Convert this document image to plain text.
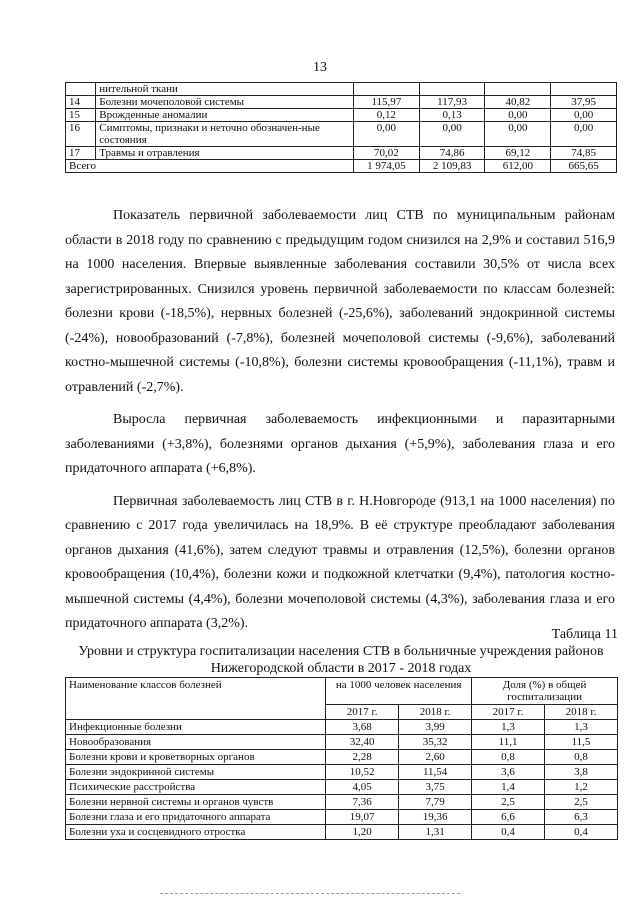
13
	нительной ткани				
14	Болезни мочеполовой системы	115,97	117,93	40,82	37,95
15	Врожденные аномалии	0,12	0,13	0,00	0,00
16	Симптомы, признаки и неточно обозначен-ные состояния	0,00	0,00	0,00	0,00
17	Травмы и отравления	70,02	74,86	69,12	74,85
Всего		1 974,05	2 109,83	612,00	665,65

Показатель первичной заболеваемости лиц СТВ по муниципальным районам области в 2018 году по сравнению с предыдущим годом снизился на 2,9% и составил 516,9 на 1000 населения. Впервые выявленные заболевания составили 30,5% от числа всех зарегистрированных. Снизился уровень первичной заболеваемости по классам болезней: болезни крови (-18,5%), нервных болезней (-25,6%), заболеваний эндокринной системы (-24%), новообразований (-7,8%), болезней мочеполовой системы (-9,6%), заболеваний костно-мышечной системы (-10,8%), болезни системы кровообращения (-11,1%), травм и отравлений (-2,7%).

Выросла первичная заболеваемость инфекционными и паразитарными заболеваниями (+3,8%), болезнями органов дыхания (+5,9%), заболевания глаза и его придаточного аппарата (+6,8%).

Первичная заболеваемость лиц СТВ в г. Н.Новгороде (913,1 на 1000 населения) по сравнению с 2017 года увеличилась на 18,9%. В её структуре преобладают заболевания органов дыхания (41,6%), затем следуют травмы и отравления (12,5%), болезни органов кровообращения (10,4%), болезни кожи и подкожной клетчатки (9,4%), патология костно-мышечной системы (4,4%), болезни мочеполовой системы (4,3%), заболевания глаза и его придаточного аппарата (3,2%).

Таблица 11
Уровни и структура госпитализации населения СТВ в больничные учреждения районов Нижегородской области в 2017 - 2018 годах
Наименование классов болезней	на 1000 человек населения		Доля (%) в общей госпитализации	
	2017 г.	2018 г.	2017 г.	2018 г.
Инфекционные болезни	3,68	3,99	1,3	1,3
Новообразования	32,40	35,32	11,1	11,5
Болезни крови и кроветворных органов	2,28	2,60	0,8	0,8
Болезни эндокринной системы	10,52	11,54	3,6	3,8
Психические расстройства	4,05	3,75	1,4	1,2
Болезни нервной системы и органов чувств	7,36	7,79	2,5	2,5
Болезни глаза и его придаточного аппарата	19,07	19,36	6,6	6,3
Болезни уха и сосцевидного отростка	1,20	1,31	0,4	0,4
